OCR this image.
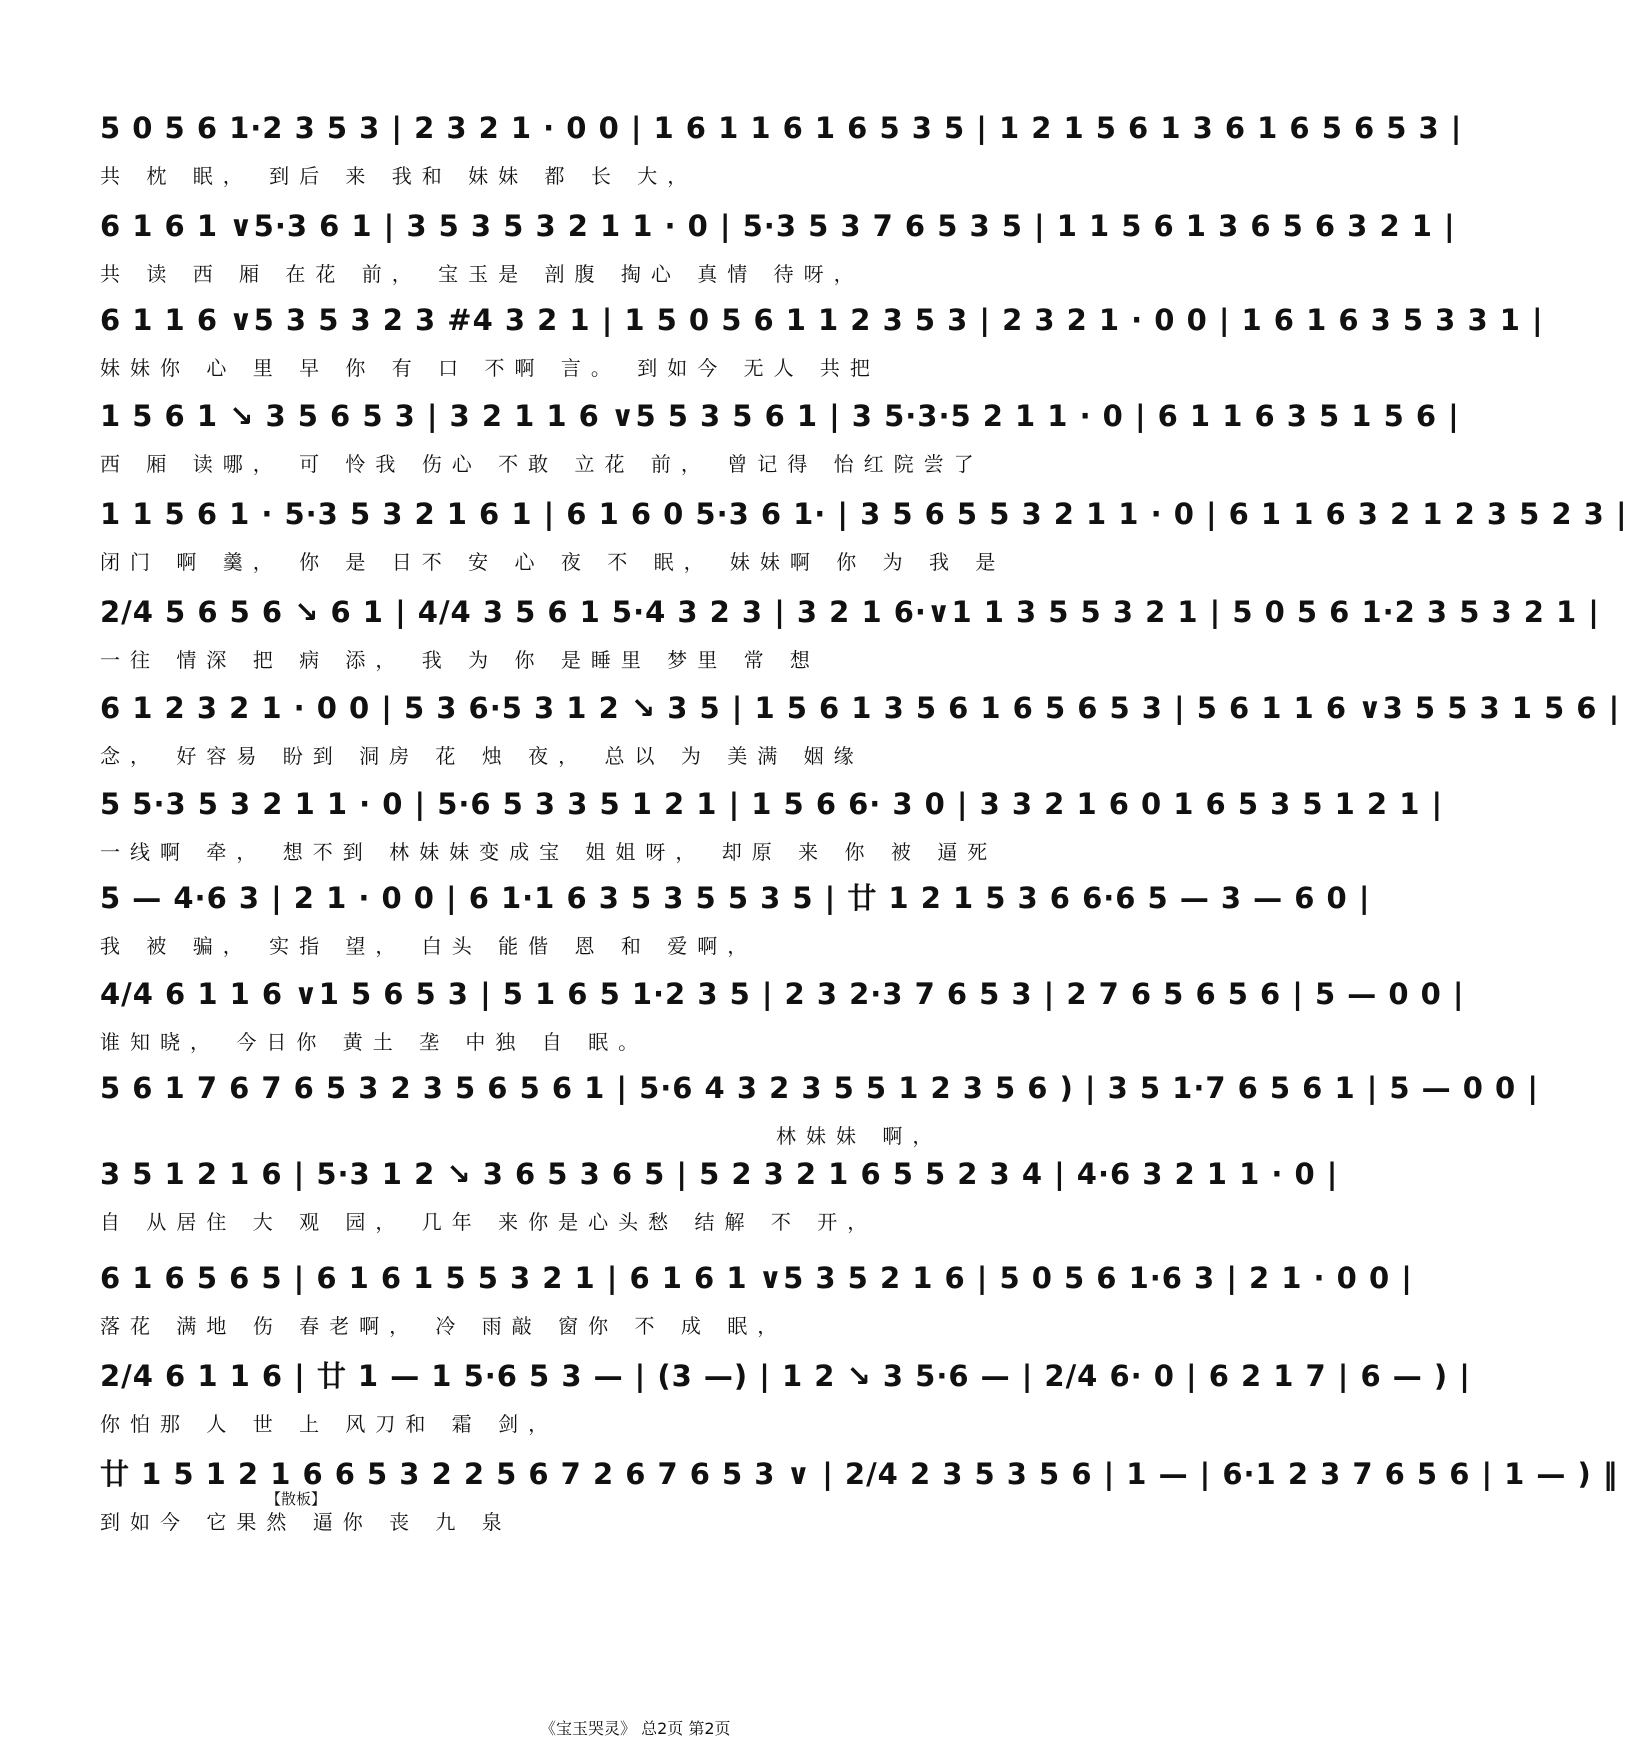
5 0 5 6 1·2 3 5 3 | 2 3 2 1 · 0 0 | 1 6 1 1 6 1 6 5 3 5 | 1 2 1 5 6 1 3 6 1 6 5 6 5 3 |
共 枕 眠， 到后 来 我和 妹妹 都 长 大，
6 1 6 1 ∨5·3 6 1 | 3 5 3 5 3 2 1 1 · 0 | 5·3 5 3 7 6 5 3 5 | 1 1 5 6 1 3 6 5 6 3 2 1 |
共 读 西 厢 在花 前， 宝玉是 剖腹 掏心 真情 待呀，
6 1 1 6 ∨5 3 5 3 2 3 #4 3 2 1 | 1 5 0 5 6 1 1 2 3 5 3 | 2 3 2 1 · 0 0 | 1 6 1 6 3 5 3 3 1 |
妹妹你 心 里 早 你 有 口 不啊 言。 到如今 无人 共把
1 5 6 1 ↘ 3 5 6 5 3 | 3 2 1 1 6 ∨5 5 3 5 6 1 | 3 5·3·5 2 1 1 · 0 | 6 1 1 6 3 5 1 5 6 |
西 厢 读哪， 可 怜我 伤心 不敢 立花 前， 曾记得 怡红院尝了
1 1 5 6 1 · 5·3 5 3 2 1 6 1 | 6 1 6 0 5·3 6 1· | 3 5 6 5 5 3 2 1 1 · 0 | 6 1 1 6 3 2 1 2 3 5 2 3 |
闭门 啊 羹， 你 是 日不 安 心 夜 不 眠， 妹妹啊 你 为 我 是
2/4 5 6 5 6 ↘ 6 1 | 4/4 3 5 6 1 5·4 3 2 3 | 3 2 1 6·∨1 1 3 5 5 3 2 1 | 5 0 5 6 1·2 3 5 3 2 1 |
一往 情深 把 病 添， 我 为 你 是睡里 梦里 常 想
6 1 2 3 2 1 · 0 0 | 5 3 6·5 3 1 2 ↘ 3 5 | 1 5 6 1 3 5 6 1 6 5 6 5 3 | 5 6 1 1 6 ∨3 5 5 3 1 5 6 |
念， 好容易 盼到 洞房 花 烛 夜， 总以 为 美满 姻缘
5 5·3 5 3 2 1 1 · 0 | 5·6 5 3 3 5 1 2 1 | 1 5 6 6· 3 0 | 3 3 2 1 6 0 1 6 5 3 5 1 2 1 |
一线啊 牵， 想不到 林妹妹变成宝 姐姐呀， 却原 来 你 被 逼死
5 — 4·6 3 | 2 1 · 0 0 | 6 1·1 6 3 5 3 5 5 3 5 | 廿 1 2 1 5 3 6 6·6 5 — 3 — 6 0 |
我 被 骗， 实指 望， 白头 能偕 恩 和 爱啊，
4/4 6 1 1 6 ∨1 5 6 5 3 | 5 1 6 5 1·2 3 5 | 2 3 2·3 7 6 5 3 | 2 7 6 5 6 5 6 | 5 — 0 0 |
谁知晓， 今日你 黄土 垄 中独 自 眠。
5 6 1 7 6 7 6 5 3 2 3 5 6 5 6 1 | 5·6 4 3 2 3 5 5 1 2 3 5 6 ) | 3 5 1·7 6 5 6 1 | 5 — 0 0 |
林妹妹 啊，
3 5 1 2 1 6 | 5·3 1 2 ↘ 3 6 5 3 6 5 | 5 2 3 2 1 6 5 5 2 3 4 | 4·6 3 2 1 1 · 0 |
自 从居住 大 观 园， 几年 来你是心头愁 结解 不 开，
6 1 6 5 6 5 | 6 1 6 1 5 5 3 2 1 | 6 1 6 1 ∨5 3 5 2 1 6 | 5 0 5 6 1·6 3 | 2 1 · 0 0 |
落花 满地 伤 春老啊， 冷 雨敲 窗你 不 成 眠，
【散板】
2/4 6 1 1 6 | 廿 1 — 1 5·6 5 3 — | (3 —) | 1 2 ↘ 3 5·6 — | 2/4 6· 0 | 6 2 1 7 | 6 — ) |
你怕那 人 世 上 风刀和 霜 剑，
廿 1 5 1 2 1 6 6 5 3 2 2 5 6 7 2 6 7 6 5 3 ∨ | 2/4 2 3 5 3 5 6 | 1 — | 6·1 2 3 7 6 5 6 | 1 — ) ‖
到如今 它果然 逼你 丧 九 泉
《宝玉哭灵》 总2页 第2页
